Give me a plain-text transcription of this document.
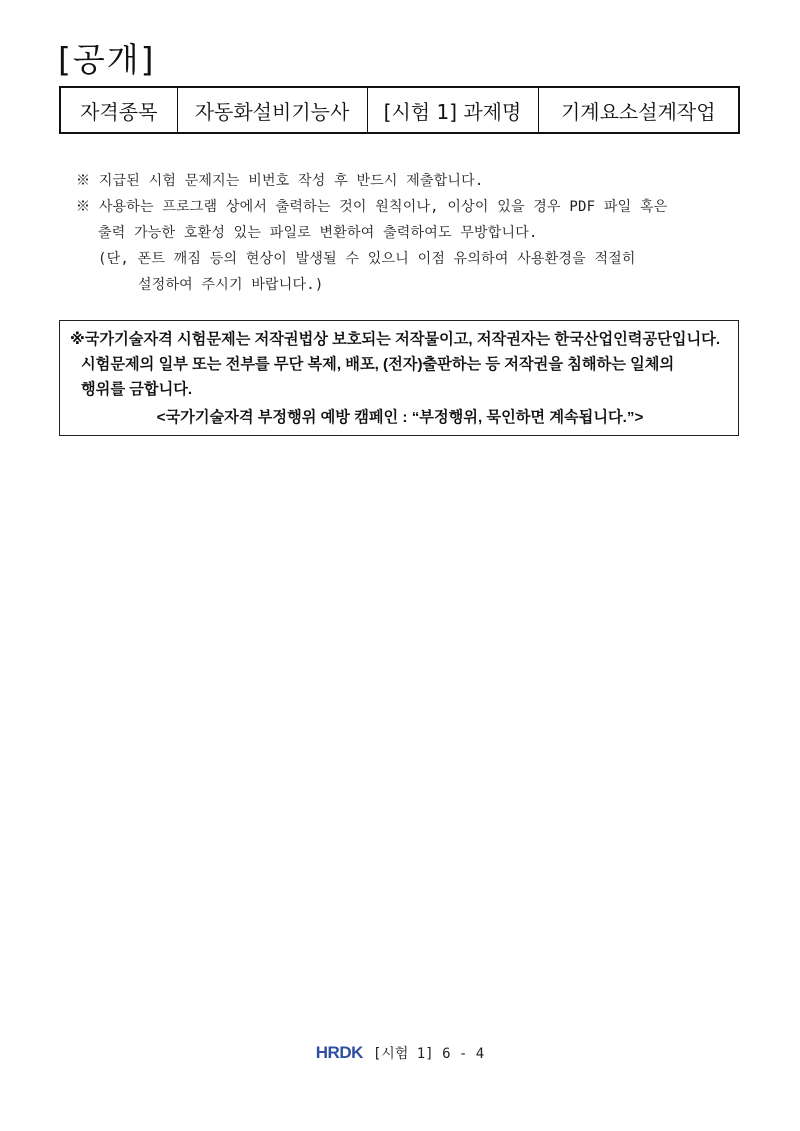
[공개]
자격종목	자동화설비기능사	[시험 1] 과제명	기계요소설계작업

※ 지급된 시험 문제지는 비번호 작성 후 반드시 제출합니다.

※ 사용하는 프로그램 상에서 출력하는 것이 원칙이나, 이상이 있을 경우 PDF 파일 혹은

출력 가능한 호환성 있는 파일로 변환하여 출력하여도 무방합니다.

(단, 폰트 깨짐 등의 현상이 발생될 수 있으니 이점 유의하여 사용환경을 적절히

설정하여 주시기 바랍니다.)

※국가기술자격 시험문제는 저작권법상 보호되는 저작물이고, 저작권자는 한국산업인력공단입니다.

시험문제의 일부 또는 전부를 무단 복제, 배포, (전자)출판하는 등 저작권을 침해하는 일체의

행위를 금합니다.

<국가기술자격 부정행위 예방 캠페인 : “부정행위, 묵인하면 계속됩니다.”>

HRDK [시험 1] 6 - 4
